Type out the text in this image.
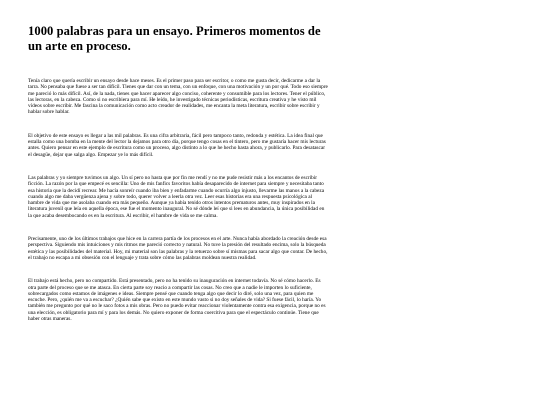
1000 palabras para un ensayo. Primeros momentos de un arte en proceso.

Tenía claro que quería escribir un ensayo desde hace meses. Es el primer paso para ser escritor, o como me gusta decir, dedicarme a dar la tarra. No pensaba que fuese a ser tan difícil. Tienes que dar con un tema, con un enfoque, con una motivación y un por qué. Todo eso siempre me pareció lo más difícil. Así, de la nada, tienes que hacer aparecer algo conciso, coherente y consumible para los lectores. Tener el público, las lectoras, en la cabeza. Como si no escribiera para mí. He leído, he investigado técnicas periodísticas, escritura creativa y he visto mil vídeos sobre escribir. Me fascina la comunicación como acto creador de realidades, me encanta la meta literatura, escribir sobre escribir y hablar sobre hablar.

El objetivo de este ensayo es llegar a las mil palabras. Es una cifra arbitraria, fácil pero tampoco tanto, redonda y estética. La idea final que estalla como una bomba en la mente del lector la dejamos para otro día, porque tengo cosas en el tintero, pero me gustaría hacer mis lecturas antes. Quiero pensar en este ejemplo de escritura como un proceso, algo distinto a lo que he hecho hasta ahora, y publicarlo. Para desatascar el desagüe, dejar que salga algo. Empezar ye lo más difícil.

Las palabras y yo siempre tuvimos un algo. Un sí pero no hasta que por fin me rendí y no me pude resistir más a los encantos de escribir ficción. La razón por la que empecé es sencilla: Uno de mis fanfics favoritos había desaparecido de internet para siempre y necesitaba tanto esa historia que la decidí recrear. Me hacía sonreír cuando iba bien y enfadarme cuando ocurría algo injusto, llevarme las manos a la cabeza cuando algo me daba vergüenza ajena y sobre todo, querer volver a leerla otra vez. Leer esas historias era una respuesta psicológica al hambre de vida que me asolaba cuando era más pequeño. Aunque ya había tenido otros intentos prematuros antes, muy inspirados en la literatura juvenil que leía en aquella época, ese fue el momento inaugural. No sé dónde leí que si lees en abundancia, la única posibilidad en la que acaba desembocando es en la escritura. Al escribir, el hambre de vida se me calma.

Precisamente, uno de los últimos trabajos que hice en la carrera partía de los procesos en el arte. Nunca había abordado la creación desde esa perspectiva. Siguiendo mis intuiciones y mis ritmos me pareció correcto y natural. No tuve la presión del resultado encima, solo la búsqueda estética y las posibilidades del material. Hoy, mi material son las palabras y la retuerzo sobre sí mismas para sacar algo que contar. De hecho, el trabajo no escapa a mi obsesión con el lenguaje y trata sobre cómo las palabras moldean nuestra realidad.

El trabajo está hecho, pero no compartido. Está presentado, pero no ha tenido su inauguración en internet todavía. No sé cómo hacerlo. Es otra parte del proceso que se me atasca. En cierta parte soy reacio a compartir las cosas. No creo que a nadie le importen lo suficiente, sobrecargados como estamos de imágenes e ideas. Siempre pensé que cuando tenga algo que decir lo diré, solo una vez, para quien me escuche. Pero, ¿quién me va a escuchar? ¿Quién sabe que existo en este mundo vasto si no doy señales de vida? Si fuese fácil, lo haría. Yo también me pregunto por qué no le saco fotos a mis obras. Pero no puedo evitar reaccionar violentamente contra esa exigencia, porque no es una elección, es obligatorio para mí y para los demás. No quiero exponer de forma coercitiva para que el espectáculo continúe. Tiene que haber otras maneras.
